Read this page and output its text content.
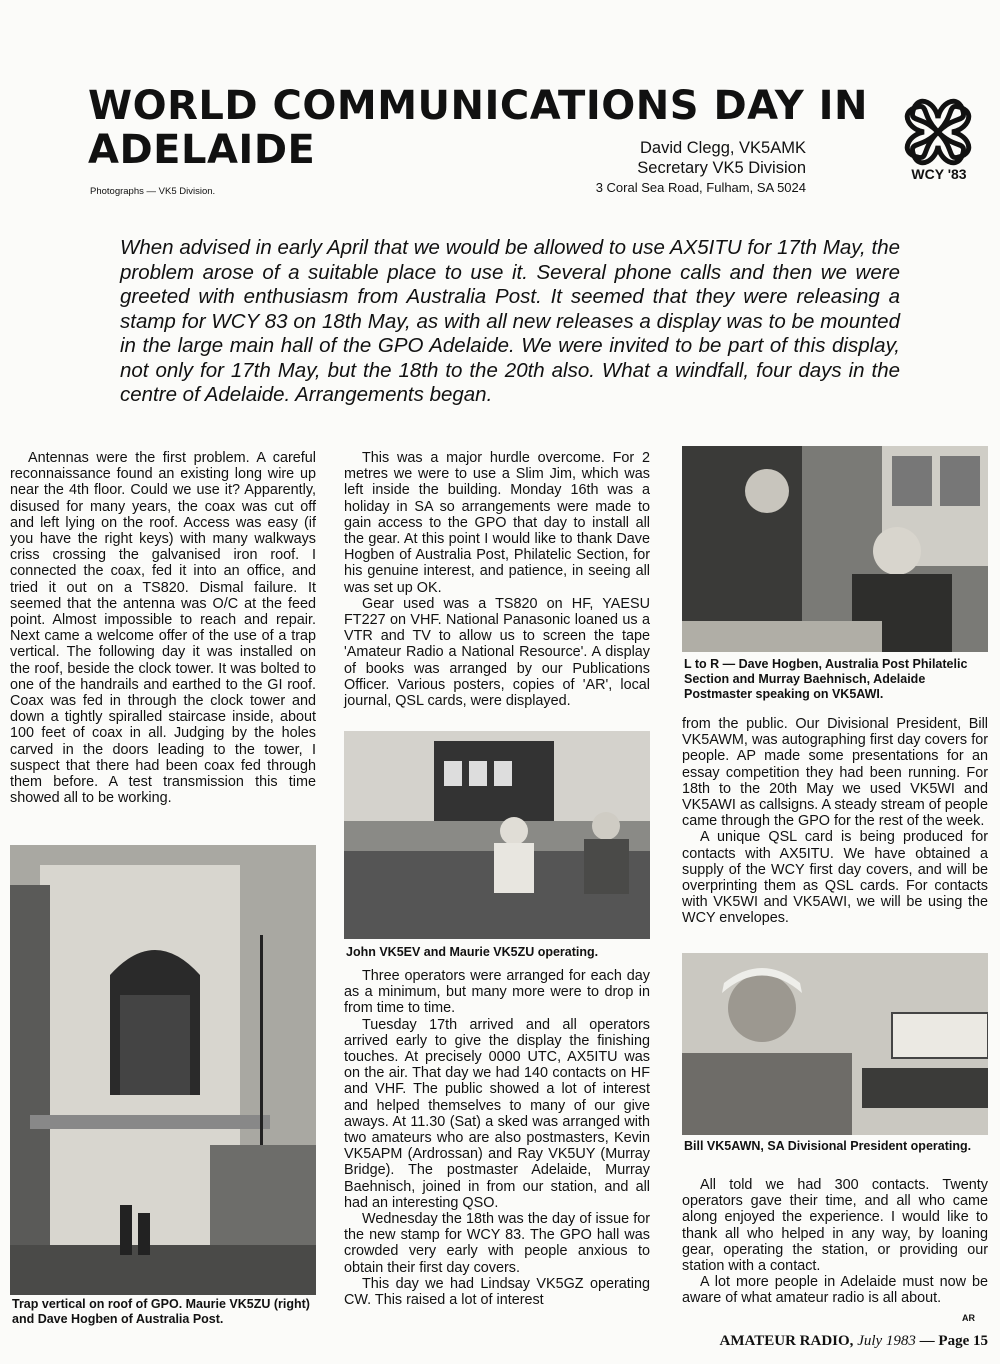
WORLD COMMUNICATIONS DAY IN ADELAIDE	David Clegg, VK5AMK
Secretary VK5 Division
3 Coral Sea Road, Fulham, SA 5024
Photographs — VK5 Division.
WCY '83
When advised in early April that we would be allowed to use AX5ITU for 17th May, the problem arose of a suitable place to use it. Several phone calls and then we were greeted with enthusiasm from Australia Post. It seemed that they were releasing a stamp for WCY 83 on 18th May, as with all new releases a display was to be mounted in the large main hall of the GPO Adelaide. We were invited to be part of this display, not only for 17th May, but the 18th to the 20th also. What a windfall, four days in the centre of Adelaide. Arrangements began.

Antennas were the first problem. A careful reconnaissance found an existing long wire up near the 4th floor. Could we use it? Apparently, disused for many years, the coax was cut off and left lying on the roof. Access was easy (if you have the right keys) with many walkways criss crossing the galvanised iron roof. I connected the coax, fed it into an office, and tried it out on a TS820. Dismal failure. It seemed that the antenna was O/C at the feed point. Almost impossible to reach and repair. Next came a welcome offer of the use of a trap vertical. The following day it was installed on the roof, beside the clock tower. It was bolted to one of the handrails and earthed to the GI roof. Coax was fed in through the clock tower and down a tightly spiralled staircase inside, about 100 feet of coax in all. Judging by the holes carved in the doors leading to the tower, I suspect that there had been coax fed through them before. A test transmission this time showed all to be working.

Trap vertical on roof of GPO. Maurie VK5ZU (right) and Dave Hogben of Australia Post.

This was a major hurdle overcome. For 2 metres we were to use a Slim Jim, which was left inside the building. Monday 16th was a holiday in SA so arrangements were made to gain access to the GPO that day to install all the gear. At this point I would like to thank Dave Hogben of Australia Post, Philatelic Section, for his genuine interest, and patience, in seeing all was set up OK.

Gear used was a TS820 on HF, YAESU FT227 on VHF. National Panasonic loaned us a VTR and TV to allow us to screen the tape 'Amateur Radio a National Resource'. A display of books was arranged by our Publications Officer. Various posters, copies of 'AR', local journal, QSL cards, were displayed.

John VK5EV and Maurie VK5ZU operating.

Three operators were arranged for each day as a minimum, but many more were to drop in from time to time.

Tuesday 17th arrived and all operators arrived early to give the display the finishing touches. At precisely 0000 UTC, AX5ITU was on the air. That day we had 140 contacts on HF and VHF. The public showed a lot of interest and helped themselves to many of our give aways. At 11.30 (Sat) a sked was arranged with two amateurs who are also postmasters, Kevin VK5APM (Ardrossan) and Ray VK5UY (Murray Bridge). The postmaster Adelaide, Murray Baehnisch, joined in from our station, and all had an interesting QSO.

Wednesday the 18th was the day of issue for the new stamp for WCY 83. The GPO hall was crowded very early with people anxious to obtain their first day covers.

This day we had Lindsay VK5GZ operating CW. This raised a lot of interest

L to R — Dave Hogben, Australia Post Philatelic Section and Murray Baehnisch, Adelaide Postmaster speaking on VK5AWI.

from the public. Our Divisional President, Bill VK5AWM, was autographing first day covers for people. AP made some presentations for an essay competition they had been running. For 18th to the 20th May we used VK5WI and VK5AWI as callsigns. A steady stream of people came through the GPO for the rest of the week.

A unique QSL card is being produced for contacts with AX5ITU. We have obtained a supply of the WCY first day covers, and will be overprinting them as QSL cards. For contacts with VK5WI and VK5AWI, we will be using the WCY envelopes.

Bill VK5AWN, SA Divisional President operating.

All told we had 300 contacts. Twenty operators gave their time, and all who came along enjoyed the experience. I would like to thank all who helped in any way, by loaning gear, operating the station, or providing our station with a contact.

A lot more people in Adelaide must now be aware of what amateur radio is all about.

AR
AMATEUR RADIO, July 1983 — Page 15
